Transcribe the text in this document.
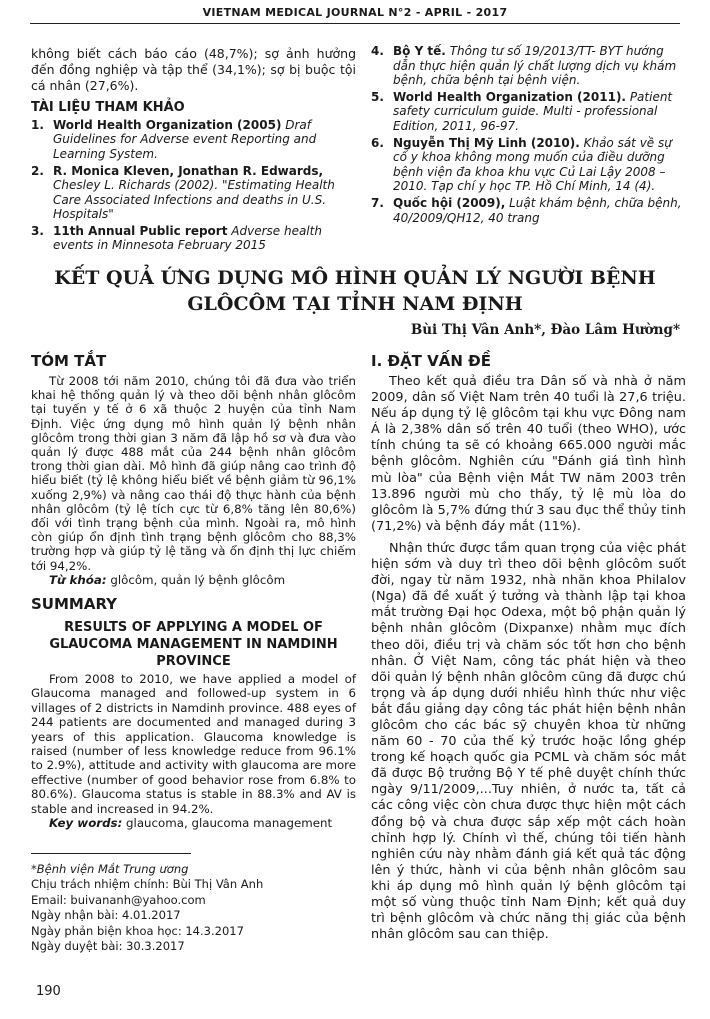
VIETNAM MEDICAL JOURNAL N°2 - APRIL - 2017

không biết cách báo cáo (48,7%); sợ ảnh hưởng đến đồng nghiệp và tập thể (34,1%); sợ bị buộc tội cá nhân (27,6%).

TÀI LIỆU THAM KHẢO
1. World Health Organization (2005) Draf Guidelines for Adverse event Reporting and Learning System.
2. R. Monica Kleven, Jonathan R. Edwards, Chesley L. Richards (2002). "Estimating Health Care Associated Infections and deaths in U.S. Hospitals"
3. 11th Annual Public report Adverse health events in Minnesota February 2015
4. Bộ Y tế. Thông tư số 19/2013/TT- BYT hướng dẫn thực hiện quản lý chất lượng dịch vụ khám bệnh, chữa bệnh tại bệnh viện.
5. World Health Organization (2011). Patient safety curriculum guide. Multi - professional Edition, 2011, 96-97.
6. Nguyễn Thị Mỹ Linh (2010). Khảo sát về sự cố y khoa không mong muốn của điều dưỡng bệnh viện đa khoa khu vực Củ Lai Lậy 2008 – 2010. Tạp chí y học TP. Hồ Chí Minh, 14 (4).
7. Quốc hội (2009), Luật khám bệnh, chữa bệnh, 40/2009/QH12, 40 trang
KẾT QUẢ ỨNG DỤNG MÔ HÌNH QUẢN LÝ NGƯỜI BỆNH
GLÔCÔM TẠI TỈNH NAM ĐỊNH
Bùi Thị Vân Anh*, Đào Lâm Hường*
TÓM TẮT

Từ 2008 tới năm 2010, chúng tôi đã đưa vào triển khai hệ thống quản lý và theo dõi bệnh nhân glôcôm tại tuyến y tế ở 6 xã thuộc 2 huyện của tỉnh Nam Định. Việc ứng dụng mô hình quản lý bệnh nhân glôcôm trong thời gian 3 năm đã lập hồ sơ và đưa vào quản lý được 488 mắt của 244 bệnh nhân glôcôm trong thời gian dài. Mô hình đã giúp nâng cao trình độ hiểu biết (tỷ lệ không hiểu biết về bệnh giảm từ 96,1% xuống 2,9%) và nâng cao thái độ thực hành của bệnh nhân glôcôm (tỷ lệ tích cực từ 6,8% tăng lên 80,6%) đối với tình trạng bệnh của mình. Ngoài ra, mô hình còn giúp ổn định tình trạng bệnh glôcôm cho 88,3% trường hợp và giúp tỷ lệ tăng và ổn định thị lực chiếm tới 94,2%.

Từ khóa: glôcôm, quản lý bệnh glôcôm

SUMMARY
RESULTS OF APPLYING A MODEL OF GLAUCOMA MANAGEMENT IN NAMDINH PROVINCE

From 2008 to 2010, we have applied a model of Glaucoma managed and followed-up system in 6 villages of 2 districts in Namdinh province. 488 eyes of 244 patients are documented and managed during 3 years of this application. Glaucoma knowledge is raised (number of less knowledge reduce from 96.1% to 2.9%), attitude and activity with glaucoma are more effective (number of good behavior rose from 6.8% to 80.6%). Glaucoma status is stable in 88.3% and AV is stable and increased in 94.2%.

Key words: glaucoma, glaucoma management

*Bệnh viện Mắt Trung ương
Chịu trách nhiệm chính: Bùi Thị Vân Anh
Email: buivananh@yahoo.com
Ngày nhận bài: 4.01.2017
Ngày phản biện khoa học: 14.3.2017
Ngày duyệt bài: 30.3.2017
I. ĐẶT VẤN ĐỀ

Theo kết quả điều tra Dân số và nhà ở năm 2009, dân số Việt Nam trên 40 tuổi là 27,6 triệu. Nếu áp dụng tỷ lệ glôcôm tại khu vực Đông nam Á là 2,38% dân số trên 40 tuổi (theo WHO), ước tính chúng ta sẽ có khoảng 665.000 người mắc bệnh glôcôm. Nghiên cứu "Đánh giá tình hình mù lòa" của Bệnh viện Mắt TW năm 2003 trên 13.896 người mù cho thấy, tỷ lệ mù lòa do glôcôm là 5,7% đứng thứ 3 sau đục thể thủy tinh (71,2%) và bệnh đáy mắt (11%).

Nhận thức được tầm quan trọng của việc phát hiện sớm và duy trì theo dõi bệnh glôcôm suốt đời, ngay từ năm 1932, nhà nhãn khoa Philalov (Nga) đã đề xuất ý tưởng và thành lập tại khoa mắt trường Đại học Odexa, một bộ phận quản lý bệnh nhân glôcôm (Dixpanxe) nhằm mục đích theo dõi, điều trị và chăm sóc tốt hơn cho bệnh nhân. Ở Việt Nam, công tác phát hiện và theo dõi quản lý bệnh nhân glôcôm cũng đã được chú trọng và áp dụng dưới nhiều hình thức như việc bắt đầu giảng dạy công tác phát hiện bệnh nhân glôcôm cho các bác sỹ chuyên khoa từ những năm 60 - 70 của thế kỷ trước hoặc lồng ghép trong kế hoạch quốc gia PCML và chăm sóc mắt đã được Bộ trưởng Bộ Y tế phê duyệt chính thức ngày 9/11/2009,...Tuy nhiên, ở nước ta, tất cả các công việc còn chưa được thực hiện một cách đồng bộ và chưa được sắp xếp một cách hoàn chỉnh hợp lý. Chính vì thế, chúng tôi tiến hành nghiên cứu này nhằm đánh giá kết quả tác động lên ý thức, hành vi của bệnh nhân glôcôm sau khi áp dụng mô hình quản lý bệnh glôcôm tại một số vùng thuộc tỉnh Nam Định; kết quả duy trì bệnh glôcôm và chức năng thị giác của bệnh nhân glôcôm sau can thiệp.

190
